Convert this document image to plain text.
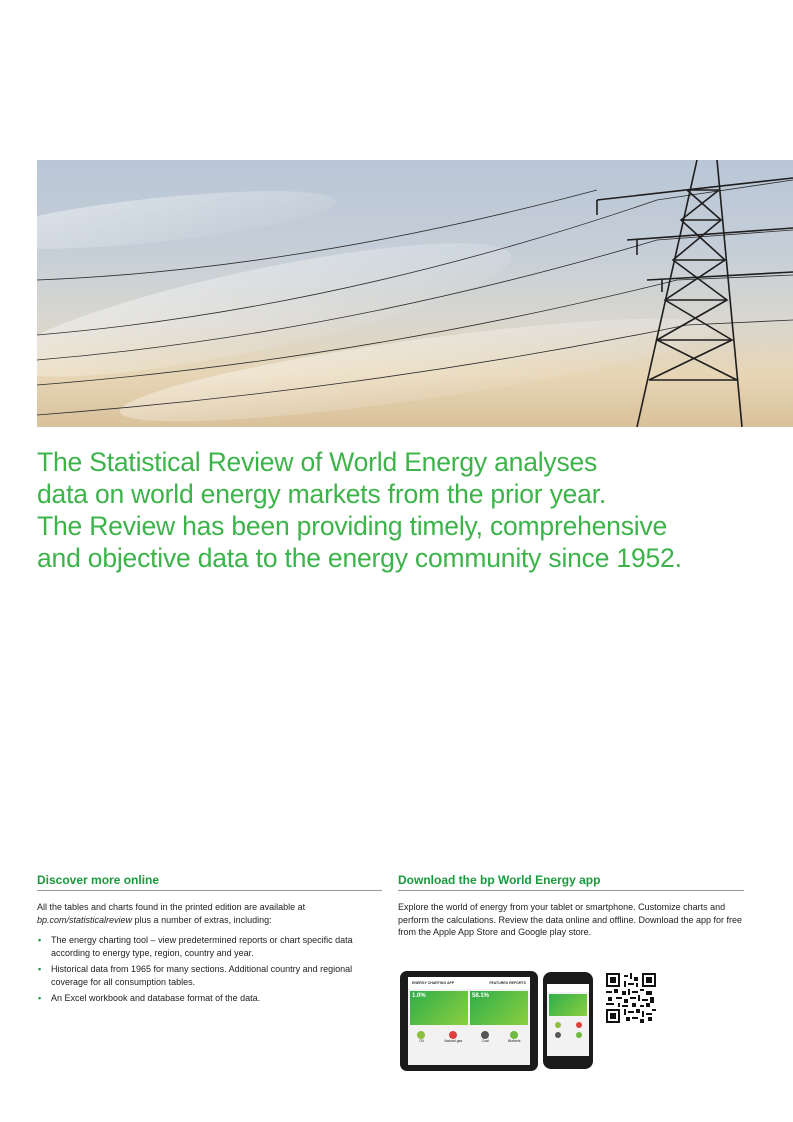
The Statistical Review of World Energy analyses
data on world energy markets from the prior year.
The Review has been providing timely, comprehensive
and objective data to the energy community since 1952.
Discover more online

All the tables and charts found in the printed edition are available at bp.com/statisticalreview plus a number of extras, including:

• The energy charting tool – view predetermined reports or chart specific data according to energy type, region, country and year.
• Historical data from 1965 for many sections. Additional country and regional coverage for all consumption tables.
• An Excel workbook and database format of the data.
Download the bp World Energy app

Explore the world of energy from your tablet or smartphone. Customize charts and perform the calculations. Review the data online and offline. Download the app for free from the Apple App Store and Google play store.

ENERGY CHARTING APP	FEATURED REPORTS
1.0%	58.1%
Oil	Natural gas	Coal	Biofuels
